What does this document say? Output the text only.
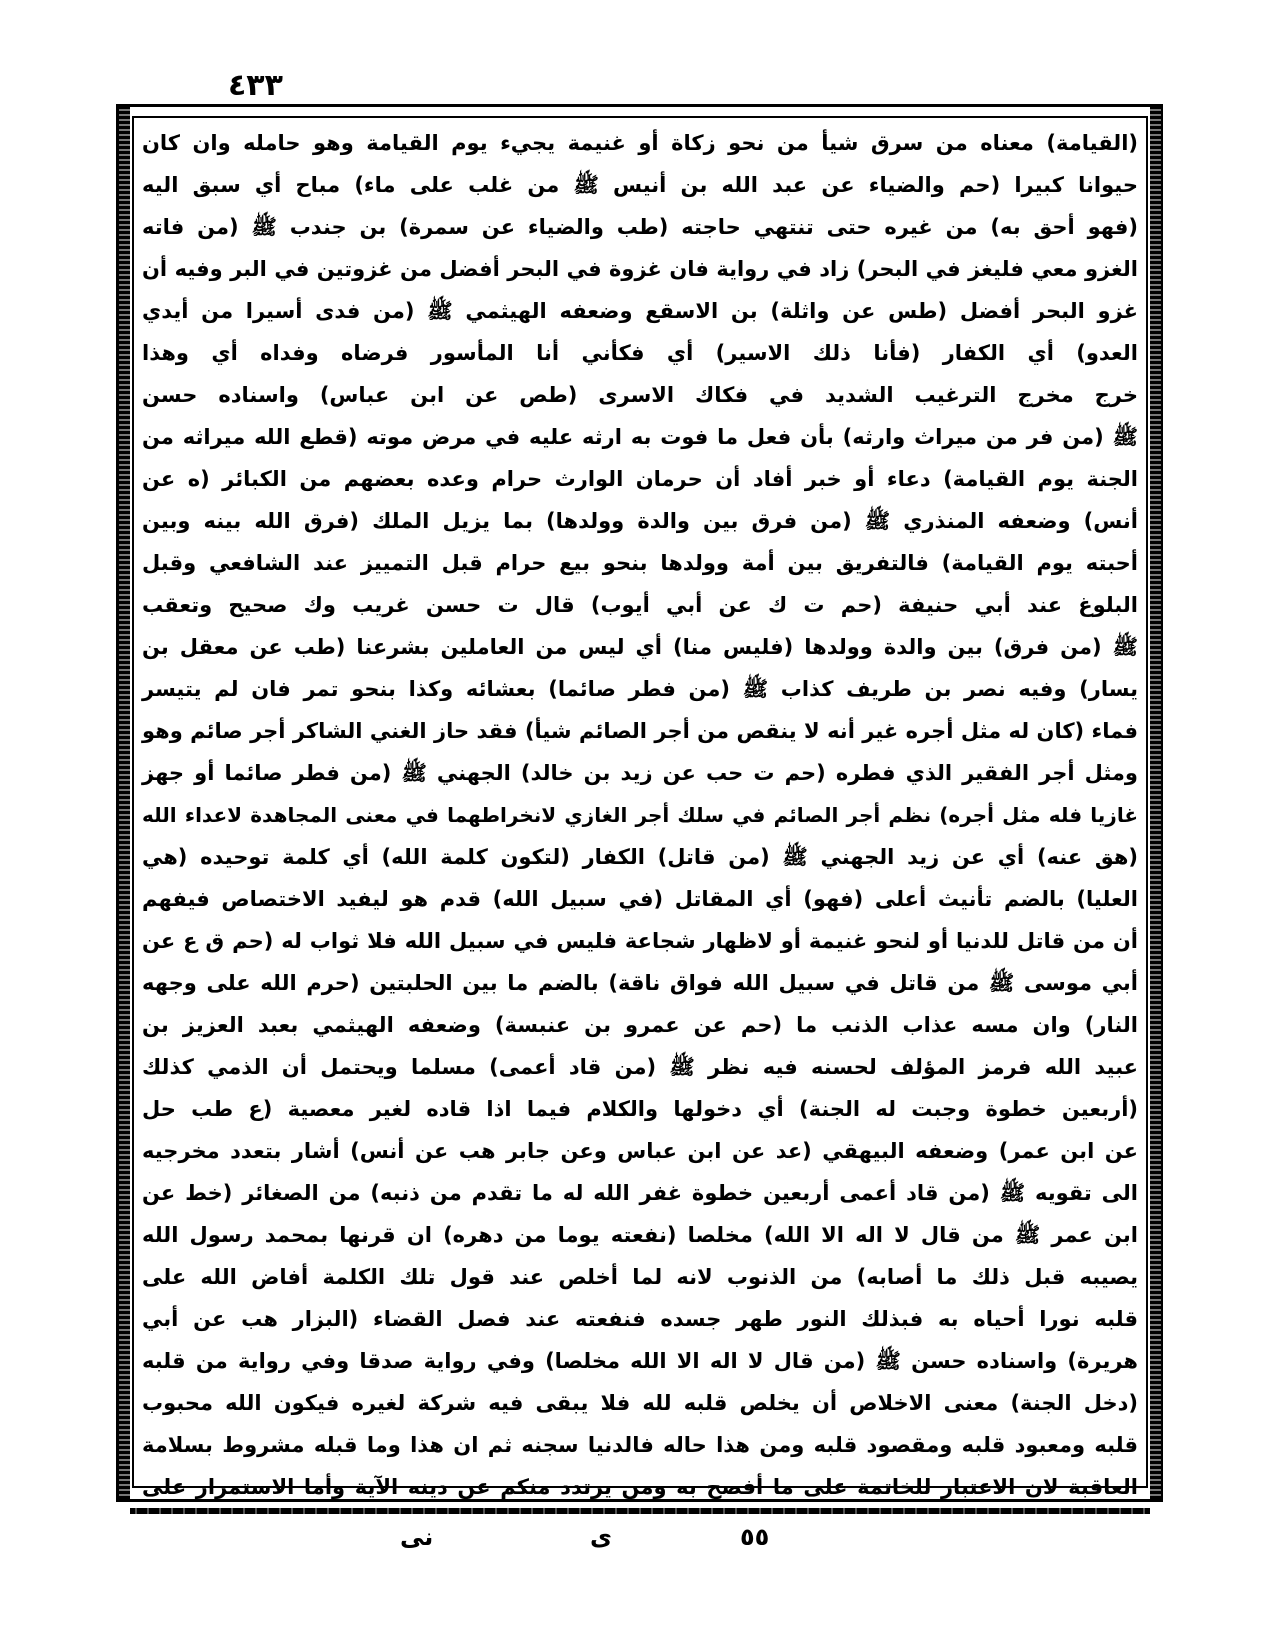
٤٣٣
(القيامة) معناه من سرق شيأ من نحو زكاة أو غنيمة يجيء يوم القيامة وهو حامله وان كان
حيوانا كبيرا (حم والضياء عن عبد الله بن أنيس ﷺ من غلب على ماء) مباح أي سبق اليه
(فهو أحق به) من غيره حتى تنتهي حاجته (طب والضياء عن سمرة) بن جندب ﷺ (من فاته
الغزو معي فليغز في البحر) زاد في رواية فان غزوة في البحر أفضل من غزوتين في البر وفيه أن
غزو البحر أفضل (طس عن واثلة) بن الاسقع وضعفه الهيثمي ﷺ (من فدى أسيرا من أيدي
العدو) أي الكفار (فأنا ذلك الاسير) أي فكأني أنا المأسور فرضاه وفداه أي وهذا
خرج مخرج الترغيب الشديد في فكاك الاسرى (طص عن ابن عباس) واسناده حسن
ﷺ (من فر من ميراث وارثه) بأن فعل ما فوت به ارثه عليه في مرض موته (قطع الله ميراثه من
الجنة يوم القيامة) دعاء أو خبر أفاد أن حرمان الوارث حرام وعده بعضهم من الكبائر (ه عن
أنس) وضعفه المنذري ﷺ (من فرق بين والدة وولدها) بما يزيل الملك (فرق الله بينه وبين
أحبته يوم القيامة) فالتفريق بين أمة وولدها بنحو بيع حرام قبل التمييز عند الشافعي وقبل
البلوغ عند أبي حنيفة (حم ت ك عن أبي أيوب) قال ت حسن غريب وك صحيح وتعقب
ﷺ (من فرق) بين والدة وولدها (فليس منا) أي ليس من العاملين بشرعنا (طب عن معقل بن
يسار) وفيه نصر بن طريف كذاب ﷺ (من فطر صائما) بعشائه وكذا بنحو تمر فان لم يتيسر
فماء (كان له مثل أجره غير أنه لا ينقص من أجر الصائم شيأ) فقد حاز الغني الشاكر أجر صائم وهو
ومثل أجر الفقير الذي فطره (حم ت حب عن زيد بن خالد) الجهني ﷺ (من فطر صائما أو جهز
غازيا فله مثل أجره) نظم أجر الصائم في سلك أجر الغازي لانخراطهما في معنى المجاهدة لاعداء الله
(هق عنه) أي عن زيد الجهني ﷺ (من قاتل) الكفار (لتكون كلمة الله) أي كلمة توحيده (هي
العليا) بالضم تأنيث أعلى (فهو) أي المقاتل (في سبيل الله) قدم هو ليفيد الاختصاص فيفهم
أن من قاتل للدنيا أو لنحو غنيمة أو لاظهار شجاعة فليس في سبيل الله فلا ثواب له (حم ق ع عن
أبي موسى ﷺ من قاتل في سبيل الله فواق ناقة) بالضم ما بين الحلبتين (حرم الله على وجهه
النار) وان مسه عذاب الذنب ما (حم عن عمرو بن عنبسة) وضعفه الهيثمي بعبد العزيز بن
عبيد الله فرمز المؤلف لحسنه فيه نظر ﷺ (من قاد أعمى) مسلما ويحتمل أن الذمي كذلك
(أربعين خطوة وجبت له الجنة) أي دخولها والكلام فيما اذا قاده لغير معصية (ع طب حل
عن ابن عمر) وضعفه البيهقي (عد عن ابن عباس وعن جابر هب عن أنس) أشار بتعدد مخرجيه
الى تقويه ﷺ (من قاد أعمى أربعين خطوة غفر الله له ما تقدم من ذنبه) من الصغائر (خط عن
ابن عمر ﷺ من قال لا اله الا الله) مخلصا (نفعته يوما من دهره) ان قرنها بمحمد رسول الله
يصيبه قبل ذلك ما أصابه) من الذنوب لانه لما أخلص عند قول تلك الكلمة أفاض الله على
قلبه نورا أحياه به فبذلك النور طهر جسده فنفعته عند فصل القضاء (البزار هب عن أبي
هريرة) واسناده حسن ﷺ (من قال لا اله الا الله مخلصا) وفي رواية صدقا وفي رواية من قلبه
(دخل الجنة) معنى الاخلاص أن يخلص قلبه لله فلا يبقى فيه شركة لغيره فيكون الله محبوب
قلبه ومعبود قلبه ومقصود قلبه ومن هذا حاله فالدنيا سجنه ثم ان هذا وما قبله مشروط بسلامة
العاقبة لان الاعتبار للخاتمة على ما أفصح به ومن يرتدد منكم عن دينه الآية وأما الاستمرار على
٥٥
ى
نى
